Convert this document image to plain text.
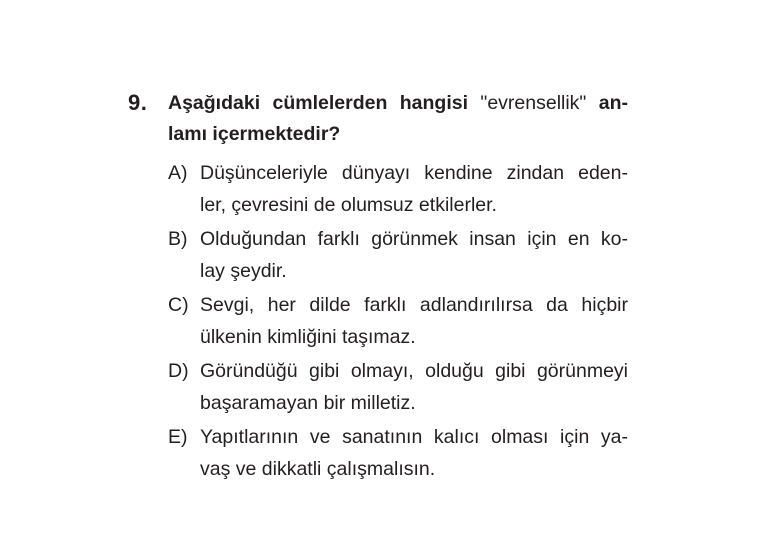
9. Aşağıdaki cümlelerden hangisi "evrensellik" an-
lamı içermektedir?
A) Düşünceleriyle dünyayı kendine zindan eden-
ler, çevresini de olumsuz etkilerler.
B) Olduğundan farklı görünmek insan için en ko-
lay şeydir.
C) Sevgi, her dilde farklı adlandırılırsa da hiçbir
ülkenin kimliğini taşımaz.
D) Göründüğü gibi olmayı, olduğu gibi görünmeyi
başaramayan bir milletiz.
E) Yapıtlarının ve sanatının kalıcı olması için ya-
vaş ve dikkatli çalışmalısın.
